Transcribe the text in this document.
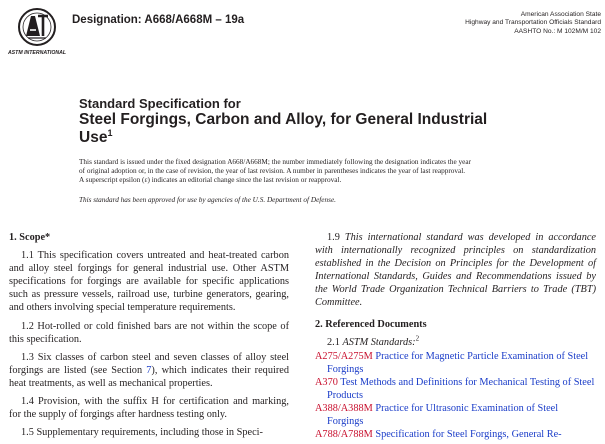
ASTM INTERNATIONAL
Designation: A668/A668M – 19a	American Association State
Highway and Transportation Officials Standard
AASHTO No.: M 102M/M 102
Standard Specification for
Steel Forgings, Carbon and Alloy, for General Industrial
Use$^1$

This standard is issued under the fixed designation A668/A668M; the number immediately following the designation indicates the year

of original adoption or, in the case of revision, the year of last revision. A number in parentheses indicates the year of last reapproval.

A superscript epsilon (ε) indicates an editorial change since the last revision or reapproval.

This standard has been approved for use by agencies of the U.S. Department of Defense.
1. Scope*

1.1 This specification covers untreated and heat-treated carbon and alloy steel forgings for general industrial use. Other ASTM specifications for forgings are available for specific applications such as pressure vessels, railroad use, turbine generators, gearing, and others involving special temperature requirements.

1.2 Hot-rolled or cold finished bars are not within the scope of this specification.

1.3 Six classes of carbon steel and seven classes of alloy steel forgings are listed (see Section 7), which indicates their required heat treatments, as well as mechanical properties.

1.4 Provision, with the suffix H for certification and marking, for the supply of forgings after hardness testing only.

1.5 Supplementary requirements, including those in Speci-

1.9 This international standard was developed in accordance with internationally recognized principles on standardization established in the Decision on Principles for the Development of International Standards, Guides and Recommendations issued by the World Trade Organization Technical Barriers to Trade (TBT) Committee.

2. Referenced Documents

2.1 ASTM Standards:$^2$

A275/A275M Practice for Magnetic Particle Examination of Steel Forgings

A370 Test Methods and Definitions for Mechanical Testing of Steel Products

A388/A388M Practice for Ultrasonic Examination of Steel Forgings

A788/A788M Specification for Steel Forgings, General Re-
